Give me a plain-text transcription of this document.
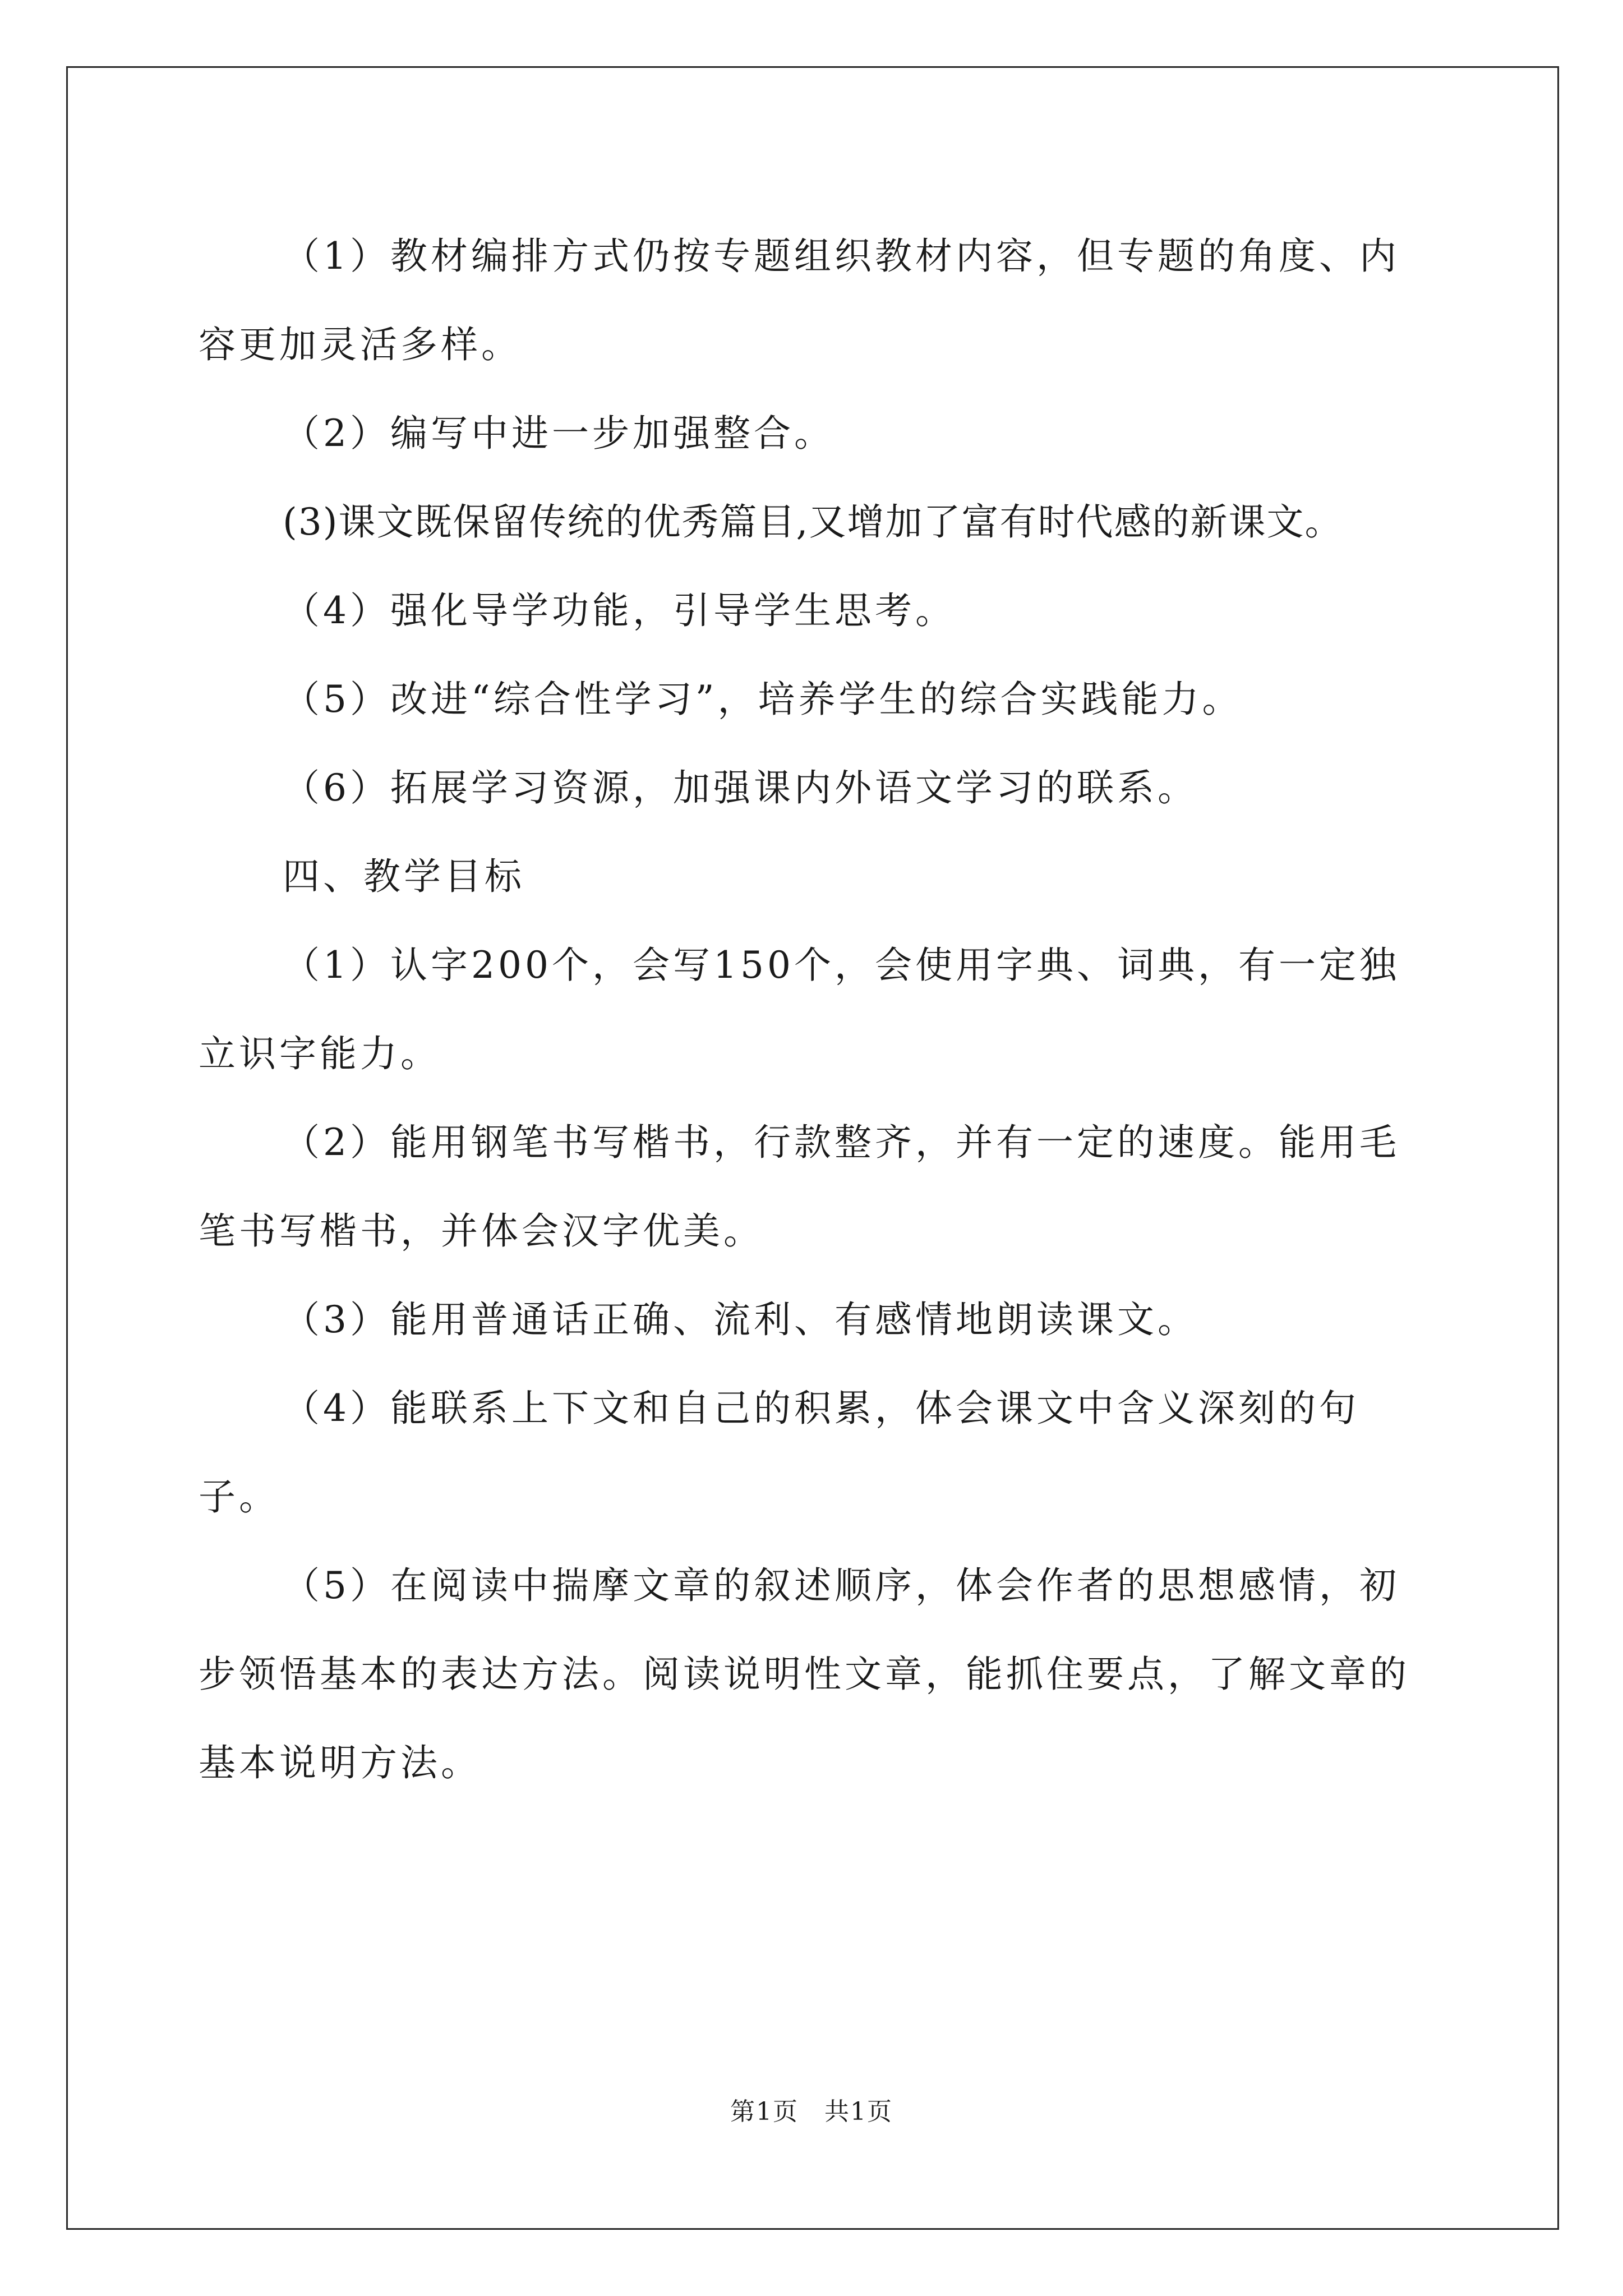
（1）教材编排方式仍按专题组织教材内容，但专题的角度、内容更加灵活多样。

（2）编写中进一步加强整合。

(3)课文既保留传统的优秀篇目,又增加了富有时代感的新课文。

（4）强化导学功能，引导学生思考。

（5）改进“综合性学习”，培养学生的综合实践能力。

（6）拓展学习资源，加强课内外语文学习的联系。

四、教学目标

（1）认字200个，会写150个，会使用字典、词典，有一定独立识字能力。

（2）能用钢笔书写楷书，行款整齐，并有一定的速度。能用毛笔书写楷书，并体会汉字优美。

（3）能用普通话正确、流利、有感情地朗读课文。

（4）能联系上下文和自己的积累，体会课文中含义深刻的句子。

（5）在阅读中揣摩文章的叙述顺序，体会作者的思想感情，初步领悟基本的表达方法。阅读说明性文章，能抓住要点，了解文章的基本说明方法。

第1页　共1页
